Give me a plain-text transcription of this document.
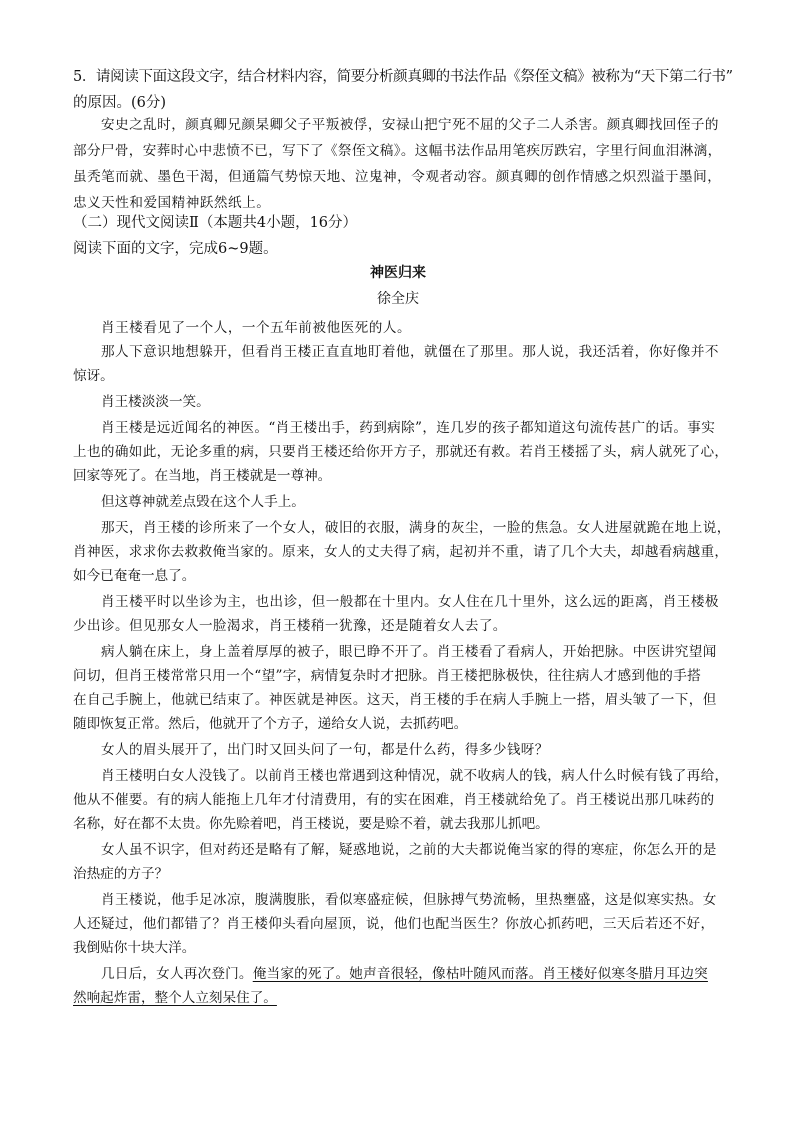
5．请阅读下面这段文字，结合材料内容，简要分析颜真卿的书法作品《祭侄文稿》被称为“天下第二行书”
的原因。(6分)
安史之乱时，颜真卿兄颜杲卿父子平叛被俘，安禄山把宁死不屈的父子二人杀害。颜真卿找回侄子的
部分尸骨，安葬时心中悲愤不已，写下了《祭侄文稿》。这幅书法作品用笔疾厉跌宕，字里行间血泪淋漓，
虽秃笔而就、墨色干渴，但通篇气势惊天地、泣鬼神，令观者动容。颜真卿的创作情感之炽烈溢于墨间，
忠义天性和爱国精神跃然纸上。
（二）现代文阅读Ⅱ（本题共4小题，16分）
阅读下面的文字，完成6~9题。
神医归来
徐全庆
肖王楼看见了一个人，一个五年前被他医死的人。
那人下意识地想躲开，但看肖王楼正直直地盯着他，就僵在了那里。那人说，我还活着，你好像并不
惊讶。
肖王楼淡淡一笑。
肖王楼是远近闻名的神医。“肖王楼出手，药到病除”，连几岁的孩子都知道这句流传甚广的话。事实
上也的确如此，无论多重的病，只要肖王楼还给你开方子，那就还有救。若肖王楼摇了头，病人就死了心，
回家等死了。在当地，肖王楼就是一尊神。
但这尊神就差点毁在这个人手上。
那天，肖王楼的诊所来了一个女人，破旧的衣服，满身的灰尘，一脸的焦急。女人进屋就跪在地上说，
肖神医，求求你去救救俺当家的。原来，女人的丈夫得了病，起初并不重，请了几个大夫，却越看病越重，
如今已奄奄一息了。
肖王楼平时以坐诊为主，也出诊，但一般都在十里内。女人住在几十里外，这么远的距离，肖王楼极
少出诊。但见那女人一脸渴求，肖王楼稍一犹豫，还是随着女人去了。
病人躺在床上，身上盖着厚厚的被子，眼已睁不开了。肖王楼看了看病人，开始把脉。中医讲究望闻
问切，但肖王楼常常只用一个“望”字，病情复杂时才把脉。肖王楼把脉极快，往往病人才感到他的手搭
在自己手腕上，他就已结束了。神医就是神医。这天，肖王楼的手在病人手腕上一搭，眉头皱了一下，但
随即恢复正常。然后，他就开了个方子，递给女人说，去抓药吧。
女人的眉头展开了，出门时又回头问了一句，都是什么药，得多少钱呀？
肖王楼明白女人没钱了。以前肖王楼也常遇到这种情况，就不收病人的钱，病人什么时候有钱了再给，
他从不催要。有的病人能拖上几年才付清费用，有的实在困难，肖王楼就给免了。肖王楼说出那几味药的
名称，好在都不太贵。你先赊着吧，肖王楼说，要是赊不着，就去我那儿抓吧。
女人虽不识字，但对药还是略有了解，疑惑地说，之前的大夫都说俺当家的得的寒症，你怎么开的是
治热症的方子？
肖王楼说，他手足冰凉，腹满腹胀，看似寒盛症候，但脉搏气势流畅，里热壅盛，这是似寒实热。女
人还疑过，他们都错了？肖王楼仰头看向屋顶，说，他们也配当医生？你放心抓药吧，三天后若还不好，
我倒贴你十块大洋。
几日后，女人再次登门。俺当家的死了。她声音很轻，像枯叶随风而落。肖王楼好似寒冬腊月耳边突
然响起炸雷，整个人立刻呆住了。
